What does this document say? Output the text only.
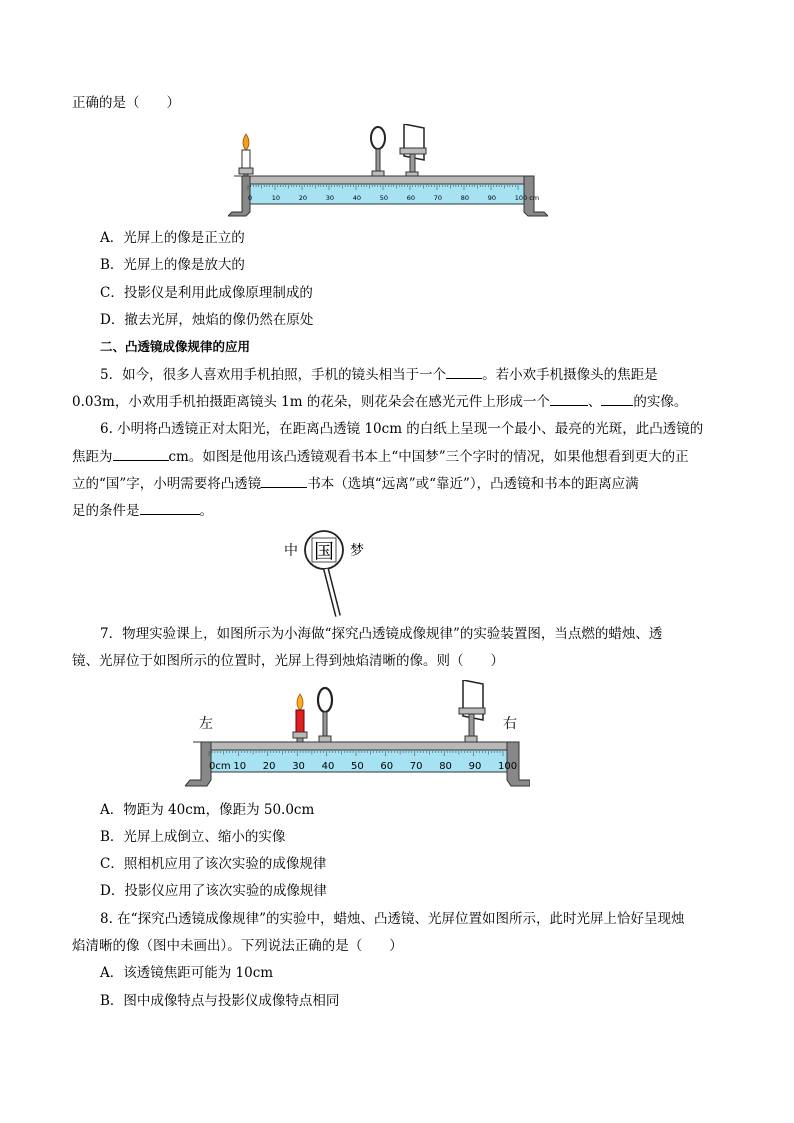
正确的是（　　）
0	10	20	30	40	50	60	70	80	90	100 cm
A．光屏上的像是正立的
B．光屏上的像是放大的
C．投影仪是利用此成像原理制成的
D．撤去光屏，烛焰的像仍然在原处
二、凸透镜成像规律的应用
5．如今，很多人喜欢用手机拍照，手机的镜头相当于一个	。若小欢手机摄像头的焦距是
0.03m，小欢用手机拍摄距离镜头 1m 的花朵，则花朵会在感光元件上形成一个	、 的实像。
6. 小明将凸透镜正对太阳光，在距离凸透镜 10cm 的白纸上呈现一个最小、最亮的光斑，此凸透镜的
焦距为	cm。如图是他用该凸透镜观看书本上“中国梦”三个字时的情况，如果他想看到更大的正
立的“国”字，小明需要将凸透镜	书本（选填“远离”或“靠近”），凸透镜和书本的距离应满
足的条件是	。
中 国 梦
7．物理实验课上，如图所示为小海做“探究凸透镜成像规律”的实验装置图，当点燃的蜡烛、透
镜、光屏位于如图所示的位置时，光屏上得到烛焰清晰的像。则（　　）
左	右
0cm 10 20 30 40 50 60 70 80 90 100
A．物距为 40cm，像距为 50.0cm
B．光屏上成倒立、缩小的实像
C．照相机应用了该次实验的成像规律
D．投影仪应用了该次实验的成像规律
8. 在“探究凸透镜成像规律”的实验中，蜡烛、凸透镜、光屏位置如图所示，此时光屏上恰好呈现烛
焰清晰的像（图中未画出）。下列说法正确的是（　　）
A．该透镜焦距可能为 10cm
B．图中成像特点与投影仪成像特点相同
